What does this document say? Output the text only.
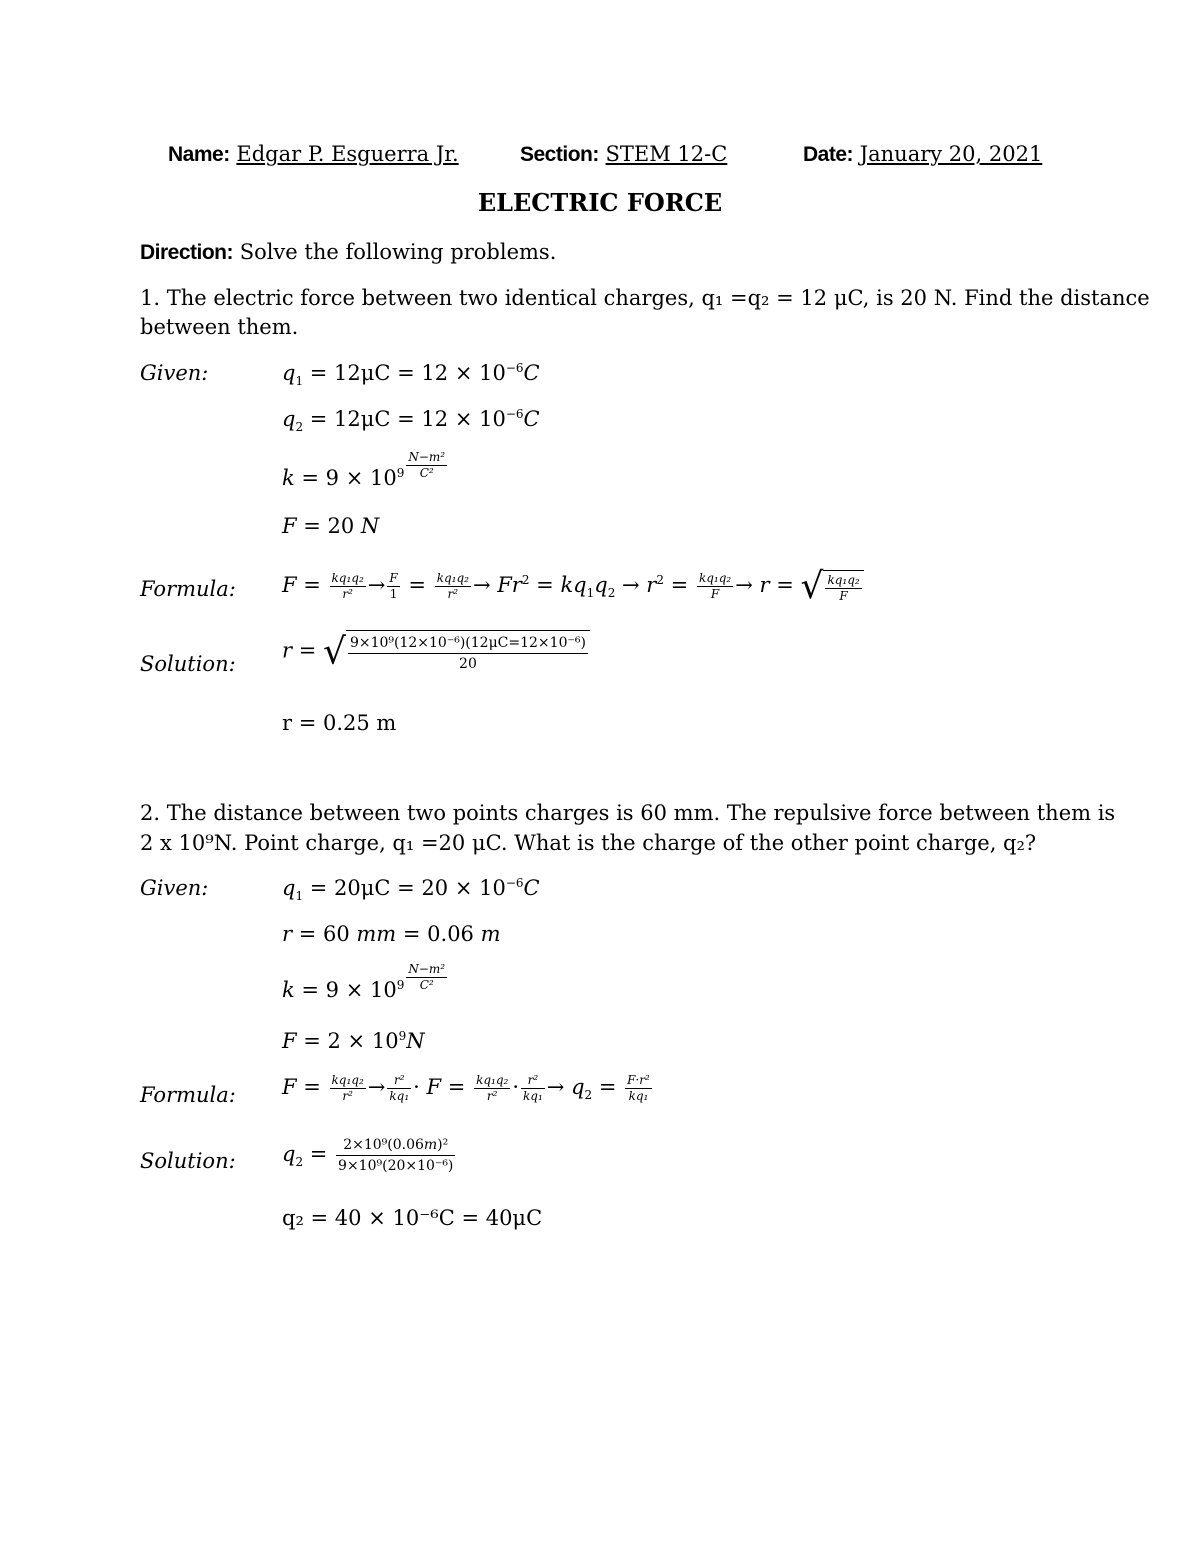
Name: Edgar P. Esguerra Jr.	Section: STEM 12-C	Date: January 20, 2021
ELECTRIC FORCE
Direction: Solve the following problems.
1. The electric force between two identical charges, q₁ =q₂ = 12 μC, is 20 N. Find the distance
between them.
Given:	$q_1 = 12\mu C = 12 \times 10^{-6}C$
$q_2 = 12\mu C = 12 \times 10^{-6}C$
$k = 9 \times 10^9 \frac{\text{N−m²}}{\text{C²}}$
F = 20 N
Formula: $F = \frac{\text{kq₁q₂}}{\text{r²}} \to \frac{F}{1} = \frac{\text{kq₁q₂}}{\text{r²}} \to Fr^2 = kq_1q_2 \to r^2 = \frac{\text{kq₁q₂}}{F} \to r$ = √ $\frac{\text{kq₁q₂}}{F}$
Solution:
r = √ $\frac{\text{9×10⁹(12×10⁻⁶)(12μC=12×10⁻⁶)}}{20}$
r = 0.25 m
2. The distance between two points charges is 60 mm. The repulsive force between them is
2 x 10⁹N. Point charge, q₁ =20 μC. What is the charge of the other point charge, q₂?
Given:	$q_1 = 20\mu C = 20 \times 10^{-6}C$
r = 60 mm = 0.06 m
$k = 9 \times 10^9 \frac{\text{N−m²}}{\text{C²}}$
$F = 2 \times 10^9N$
Formula: $F = \frac{\text{kq₁q₂}}{\text{r²}} \to \frac{\text{r²}}{\text{kq₁}} \cdot F = \frac{\text{kq₁q₂}}{\text{r²}} \cdot \frac{\text{r²}}{\text{kq₁}} \to q_2 = \frac{\text{F·r²}}{\text{kq₁}}$
Solution: $q_2 = \frac{\text{2×10⁹(0.06m)²}}{\text{9×10⁹(20×10⁻⁶)}}$
q₂ = 40 × 10⁻⁶C = 40μC
